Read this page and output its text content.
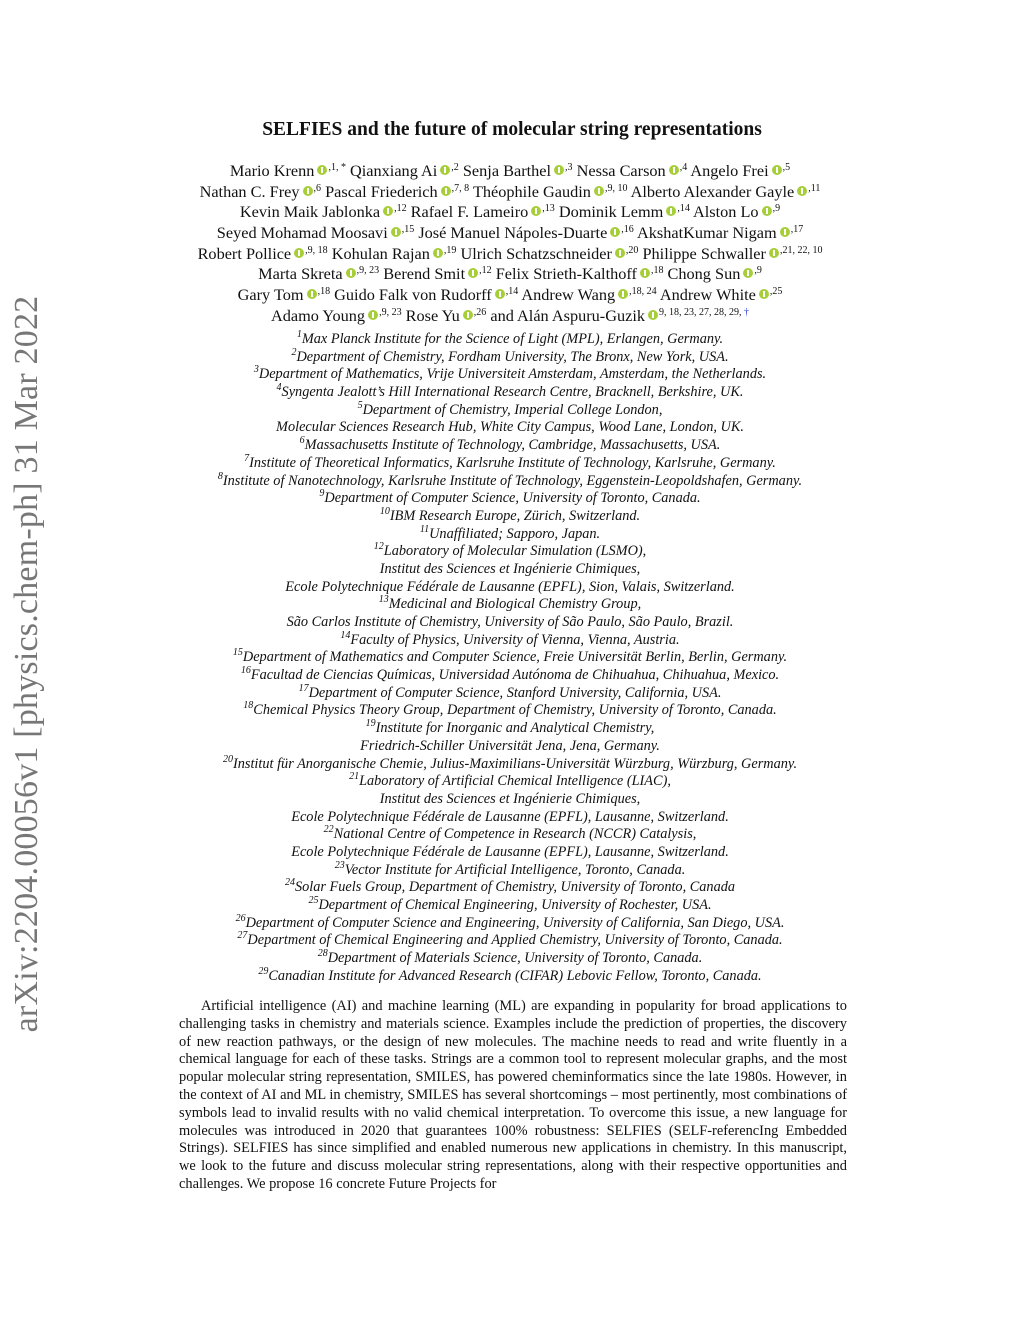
arXiv:2204.00056v1 [physics.chem-ph] 31 Mar 2022
SELFIES and the future of molecular string representations
Mario Krenn $^{,1, *}$ Qianxiang Ai $^{,2}$ Senja Barthel $^{,3}$ Nessa Carson $^{,4}$ Angelo Frei $^{,5}$
Nathan C. Frey $^{,6}$ Pascal Friederich $^{,7, 8}$ Théophile Gaudin $^{,9, 10}$ Alberto Alexander Gayle $^{,11}$
Kevin Maik Jablonka $^{,12}$ Rafael F. Lameiro $^{,13}$ Dominik Lemm $^{,14}$ Alston Lo $^{,9}$
Seyed Mohamad Moosavi $^{,15}$ José Manuel Nápoles-Duarte $^{,16}$ AkshatKumar Nigam $^{,17}$
Robert Pollice $^{,9, 18}$ Kohulan Rajan $^{,19}$ Ulrich Schatzschneider $^{,20}$ Philippe Schwaller $^{,21, 22, 10}$
Marta Skreta $^{,9, 23}$ Berend Smit $^{,12}$ Felix Strieth-Kalthoff $^{,18}$ Chong Sun $^{,9}$
Gary Tom $^{,18}$ Guido Falk von Rudorff $^{,14}$ Andrew Wang $^{,18, 24}$ Andrew White $^{,25}$
Adamo Young $^{,9, 23}$ Rose Yu $^{,26}$ and Alán Aspuru-Guzik $^{9, 18, 23, 27, 28, 29,}$ †
$^1$Max Planck Institute for the Science of Light (MPL), Erlangen, Germany.
$^2$Department of Chemistry, Fordham University, The Bronx, New York, USA.
$^3$Department of Mathematics, Vrije Universiteit Amsterdam, Amsterdam, the Netherlands.
$^4$Syngenta Jealott’s Hill International Research Centre, Bracknell, Berkshire, UK.
$^5$Department of Chemistry, Imperial College London,
Molecular Sciences Research Hub, White City Campus, Wood Lane, London, UK.
$^6$Massachusetts Institute of Technology, Cambridge, Massachusetts, USA.
$^7$Institute of Theoretical Informatics, Karlsruhe Institute of Technology, Karlsruhe, Germany.
$^8$Institute of Nanotechnology, Karlsruhe Institute of Technology, Eggenstein-Leopoldshafen, Germany.
$^9$Department of Computer Science, University of Toronto, Canada.
$^{10}$IBM Research Europe, Zürich, Switzerland.
$^{11}$Unaffiliated; Sapporo, Japan.
$^{12}$Laboratory of Molecular Simulation (LSMO),
Institut des Sciences et Ingénierie Chimiques,
Ecole Polytechnique Fédérale de Lausanne (EPFL), Sion, Valais, Switzerland.
$^{13}$Medicinal and Biological Chemistry Group,
São Carlos Institute of Chemistry, University of São Paulo, São Paulo, Brazil.
$^{14}$Faculty of Physics, University of Vienna, Vienna, Austria.
$^{15}$Department of Mathematics and Computer Science, Freie Universität Berlin, Berlin, Germany.
$^{16}$Facultad de Ciencias Químicas, Universidad Autónoma de Chihuahua, Chihuahua, Mexico.
$^{17}$Department of Computer Science, Stanford University, California, USA.
$^{18}$Chemical Physics Theory Group, Department of Chemistry, University of Toronto, Canada.
$^{19}$Institute for Inorganic and Analytical Chemistry,
Friedrich-Schiller Universität Jena, Jena, Germany.
$^{20}$Institut für Anorganische Chemie, Julius-Maximilians-Universität Würzburg, Würzburg, Germany.
$^{21}$Laboratory of Artificial Chemical Intelligence (LIAC),
Institut des Sciences et Ingénierie Chimiques,
Ecole Polytechnique Fédérale de Lausanne (EPFL), Lausanne, Switzerland.
$^{22}$National Centre of Competence in Research (NCCR) Catalysis,
Ecole Polytechnique Fédérale de Lausanne (EPFL), Lausanne, Switzerland.
$^{23}$Vector Institute for Artificial Intelligence, Toronto, Canada.
$^{24}$Solar Fuels Group, Department of Chemistry, University of Toronto, Canada
$^{25}$Department of Chemical Engineering, University of Rochester, USA.
$^{26}$Department of Computer Science and Engineering, University of California, San Diego, USA.
$^{27}$Department of Chemical Engineering and Applied Chemistry, University of Toronto, Canada.
$^{28}$Department of Materials Science, University of Toronto, Canada.
$^{29}$Canadian Institute for Advanced Research (CIFAR) Lebovic Fellow, Toronto, Canada.

Artificial intelligence (AI) and machine learning (ML) are expanding in popularity for broad applications to challenging tasks in chemistry and materials science. Examples include the prediction of properties, the discovery of new reaction pathways, or the design of new molecules. The machine needs to read and write fluently in a chemical language for each of these tasks. Strings are a common tool to represent molecular graphs, and the most popular molecular string representation, SMILES, has powered cheminformatics since the late 1980s. However, in the context of AI and ML in chemistry, SMILES has several shortcomings – most pertinently, most combinations of symbols lead to invalid results with no valid chemical interpretation. To overcome this issue, a new language for molecules was introduced in 2020 that guarantees 100% robustness: SELFIES (SELF-referencIng Embedded Strings). SELFIES has since simplified and enabled numerous new applications in chemistry. In this manuscript, we look to the future and discuss molecular string representations, along with their respective opportunities and challenges. We propose 16 concrete Future Projects for
